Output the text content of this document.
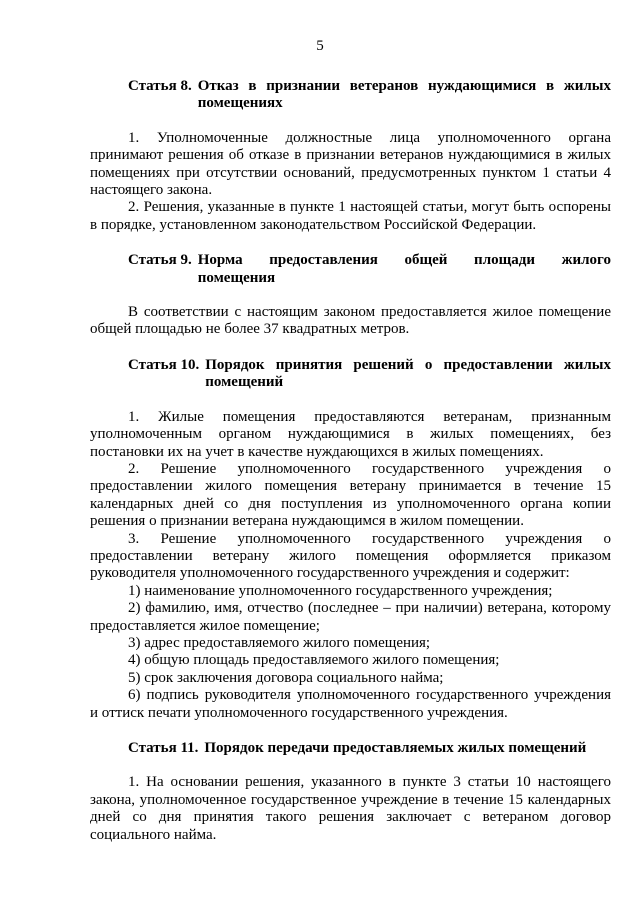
5
Статья 8. Отказ в признании ветеранов нуждающимися в жилых
помещениях

1. Уполномоченные должностные лица уполномоченного органа принимают решения об отказе в признании ветеранов нуждающимися в жилых помещениях при отсутствии оснований, предусмотренных пунктом 1 статьи 4 настоящего закона.

2. Решения, указанные в пункте 1 настоящей статьи, могут быть оспорены в порядке, установленном законодательством Российской Федерации.

Статья 9. Норма предоставления общей площади жилого
помещения

В соответствии с настоящим законом предоставляется жилое помещение общей площадью не более 37 квадратных метров.

Статья 10. Порядок принятия решений о предоставлении жилых
помещений

1. Жилые помещения предоставляются ветеранам, признанным уполномоченным органом нуждающимися в жилых помещениях, без постановки их на учет в качестве нуждающихся в жилых помещениях.

2. Решение уполномоченного государственного учреждения о предоставлении жилого помещения ветерану принимается в течение 15 календарных дней со дня поступления из уполномоченного органа копии решения о признании ветерана нуждающимся в жилом помещении.

3. Решение уполномоченного государственного учреждения о предоставлении ветерану жилого помещения оформляется приказом руководителя уполномоченного государственного учреждения и содержит:

1) наименование уполномоченного государственного учреждения;

2) фамилию, имя, отчество (последнее – при наличии) ветерана, которому предоставляется жилое помещение;

3) адрес предоставляемого жилого помещения;

4) общую площадь предоставляемого жилого помещения;

5) срок заключения договора социального найма;

6) подпись руководителя уполномоченного государственного учреждения и оттиск печати уполномоченного государственного учреждения.

Статья 11. Порядок передачи предоставляемых жилых помещений

1. На основании решения, указанного в пункте 3 статьи 10 настоящего закона, уполномоченное государственное учреждение в течение 15 календарных дней со дня принятия такого решения заключает с ветераном договор социального найма.
